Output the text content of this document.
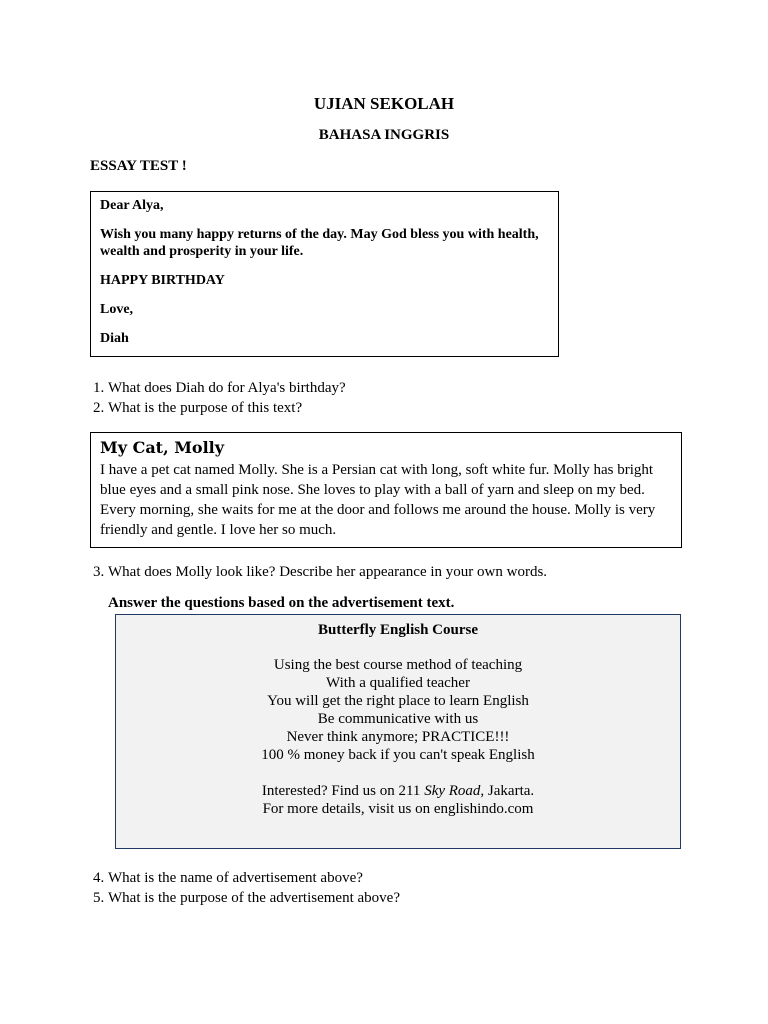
UJIAN SEKOLAH
BAHASA INGGRIS
ESSAY TEST !

Dear Alya,

Wish you many happy returns of the day. May God bless you with health, wealth and prosperity in your life.

HAPPY BIRTHDAY

Love,

Diah

1. What does Diah do for Alya's birthday?
2. What is the purpose of this text?
My Cat, Molly
I have a pet cat named Molly. She is a Persian cat with long, soft white fur. Molly has bright blue eyes and a small pink nose. She loves to play with a ball of yarn and sleep on my bed. Every morning, she waits for me at the door and follows me around the house. Molly is very friendly and gentle. I love her so much.
3. What does Molly look like? Describe her appearance in your own words.
Answer the questions based on the advertisement text.
Butterfly English Course
Using the best course method of teaching
With a qualified teacher
You will get the right place to learn English
Be communicative with us
Never think anymore; PRACTICE!!!
100 % money back if you can't speak English
Interested? Find us on 211 Sky Road, Jakarta.
For more details, visit us on englishindo.com
4. What is the name of advertisement above?
5. What is the purpose of the advertisement above?
